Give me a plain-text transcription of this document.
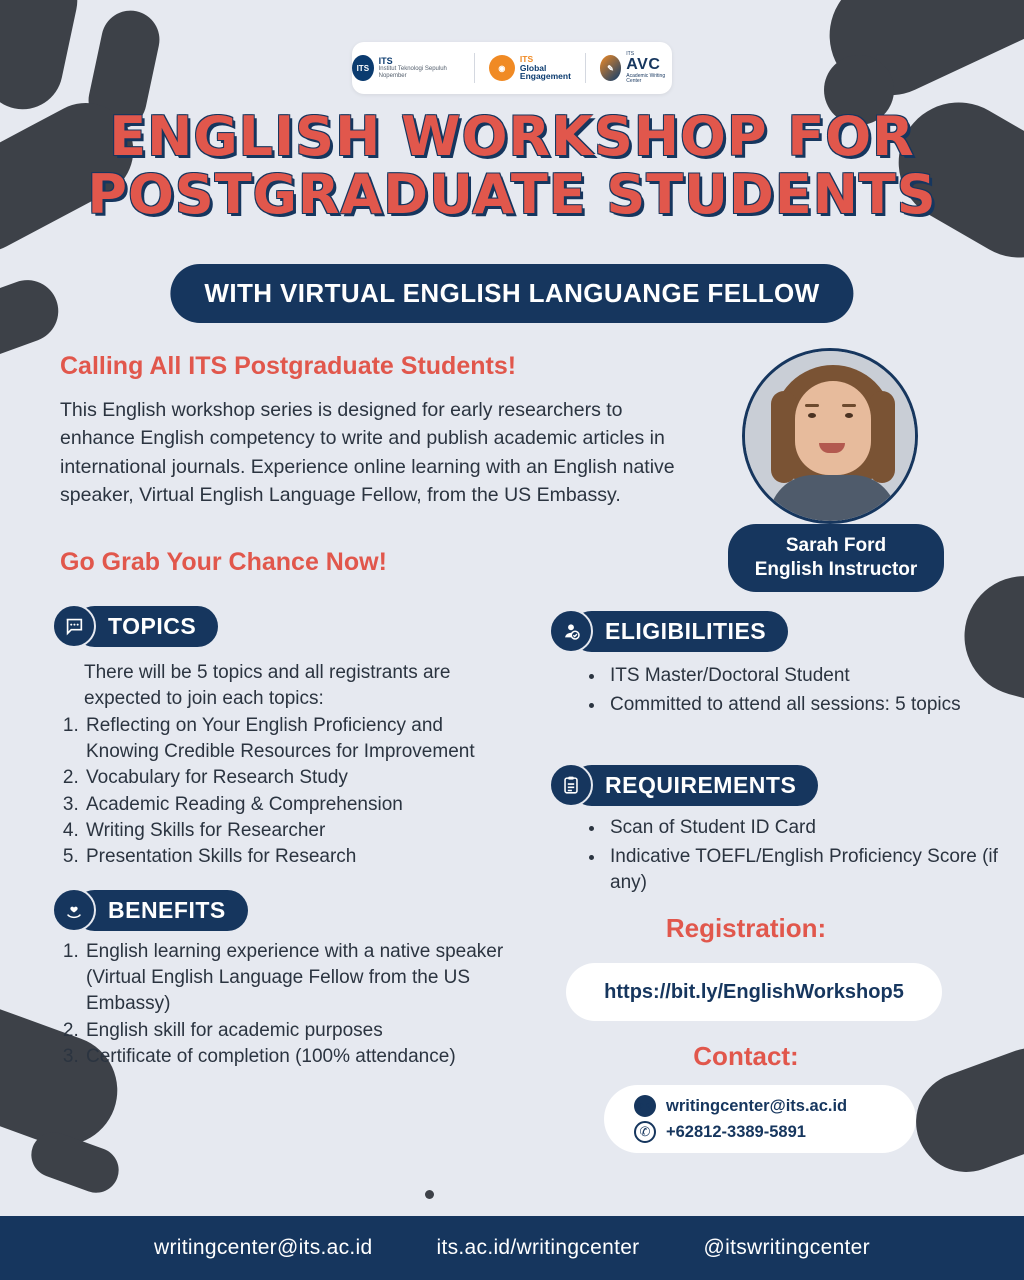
ITS
ITS
Institut Teknologi Sepuluh Nopember
◉
ITS
Global
Engagement
✎
ITS
AVC
Academic Writing Center
ENGLISH WORKSHOP FOR
POSTGRADUATE STUDENTS
WITH VIRTUAL ENGLISH LANGUANGE FELLOW
Calling All ITS Postgraduate Students!
This English workshop series is designed for early researchers to enhance English competency to write and publish academic articles in international journals. Experience online learning with an English native speaker, Virtual English Language Fellow, from the US Embassy.
Go Grab Your Chance Now!
Sarah Ford
English Instructor
TOPICS
There will be 5 topics and all registrants are expected to join each topics:
1. Reflecting on Your English Proficiency and Knowing Credible Resources for Improvement
2. Vocabulary for Research Study
3. Academic Reading & Comprehension
4. Writing Skills for Researcher
5. Presentation Skills for Research
BENEFITS
1. English learning experience with a native speaker (Virtual English Language Fellow from the US Embassy)
2. English skill for academic purposes
3. Certificate of completion (100% attendance)
ELIGIBILITIES
• ITS Master/Doctoral Student
• Committed to attend all sessions: 5 topics
REQUIREMENTS
• Scan of Student ID Card
• Indicative TOEFL/English Proficiency Score (if any)
Registration:
https://bit.ly/EnglishWorkshop5
Contact:
✉ writingcenter@its.ac.id
✆ +62812-3389-5891
writingcenter@its.ac.id	its.ac.id/writingcenter	@itswritingcenter
